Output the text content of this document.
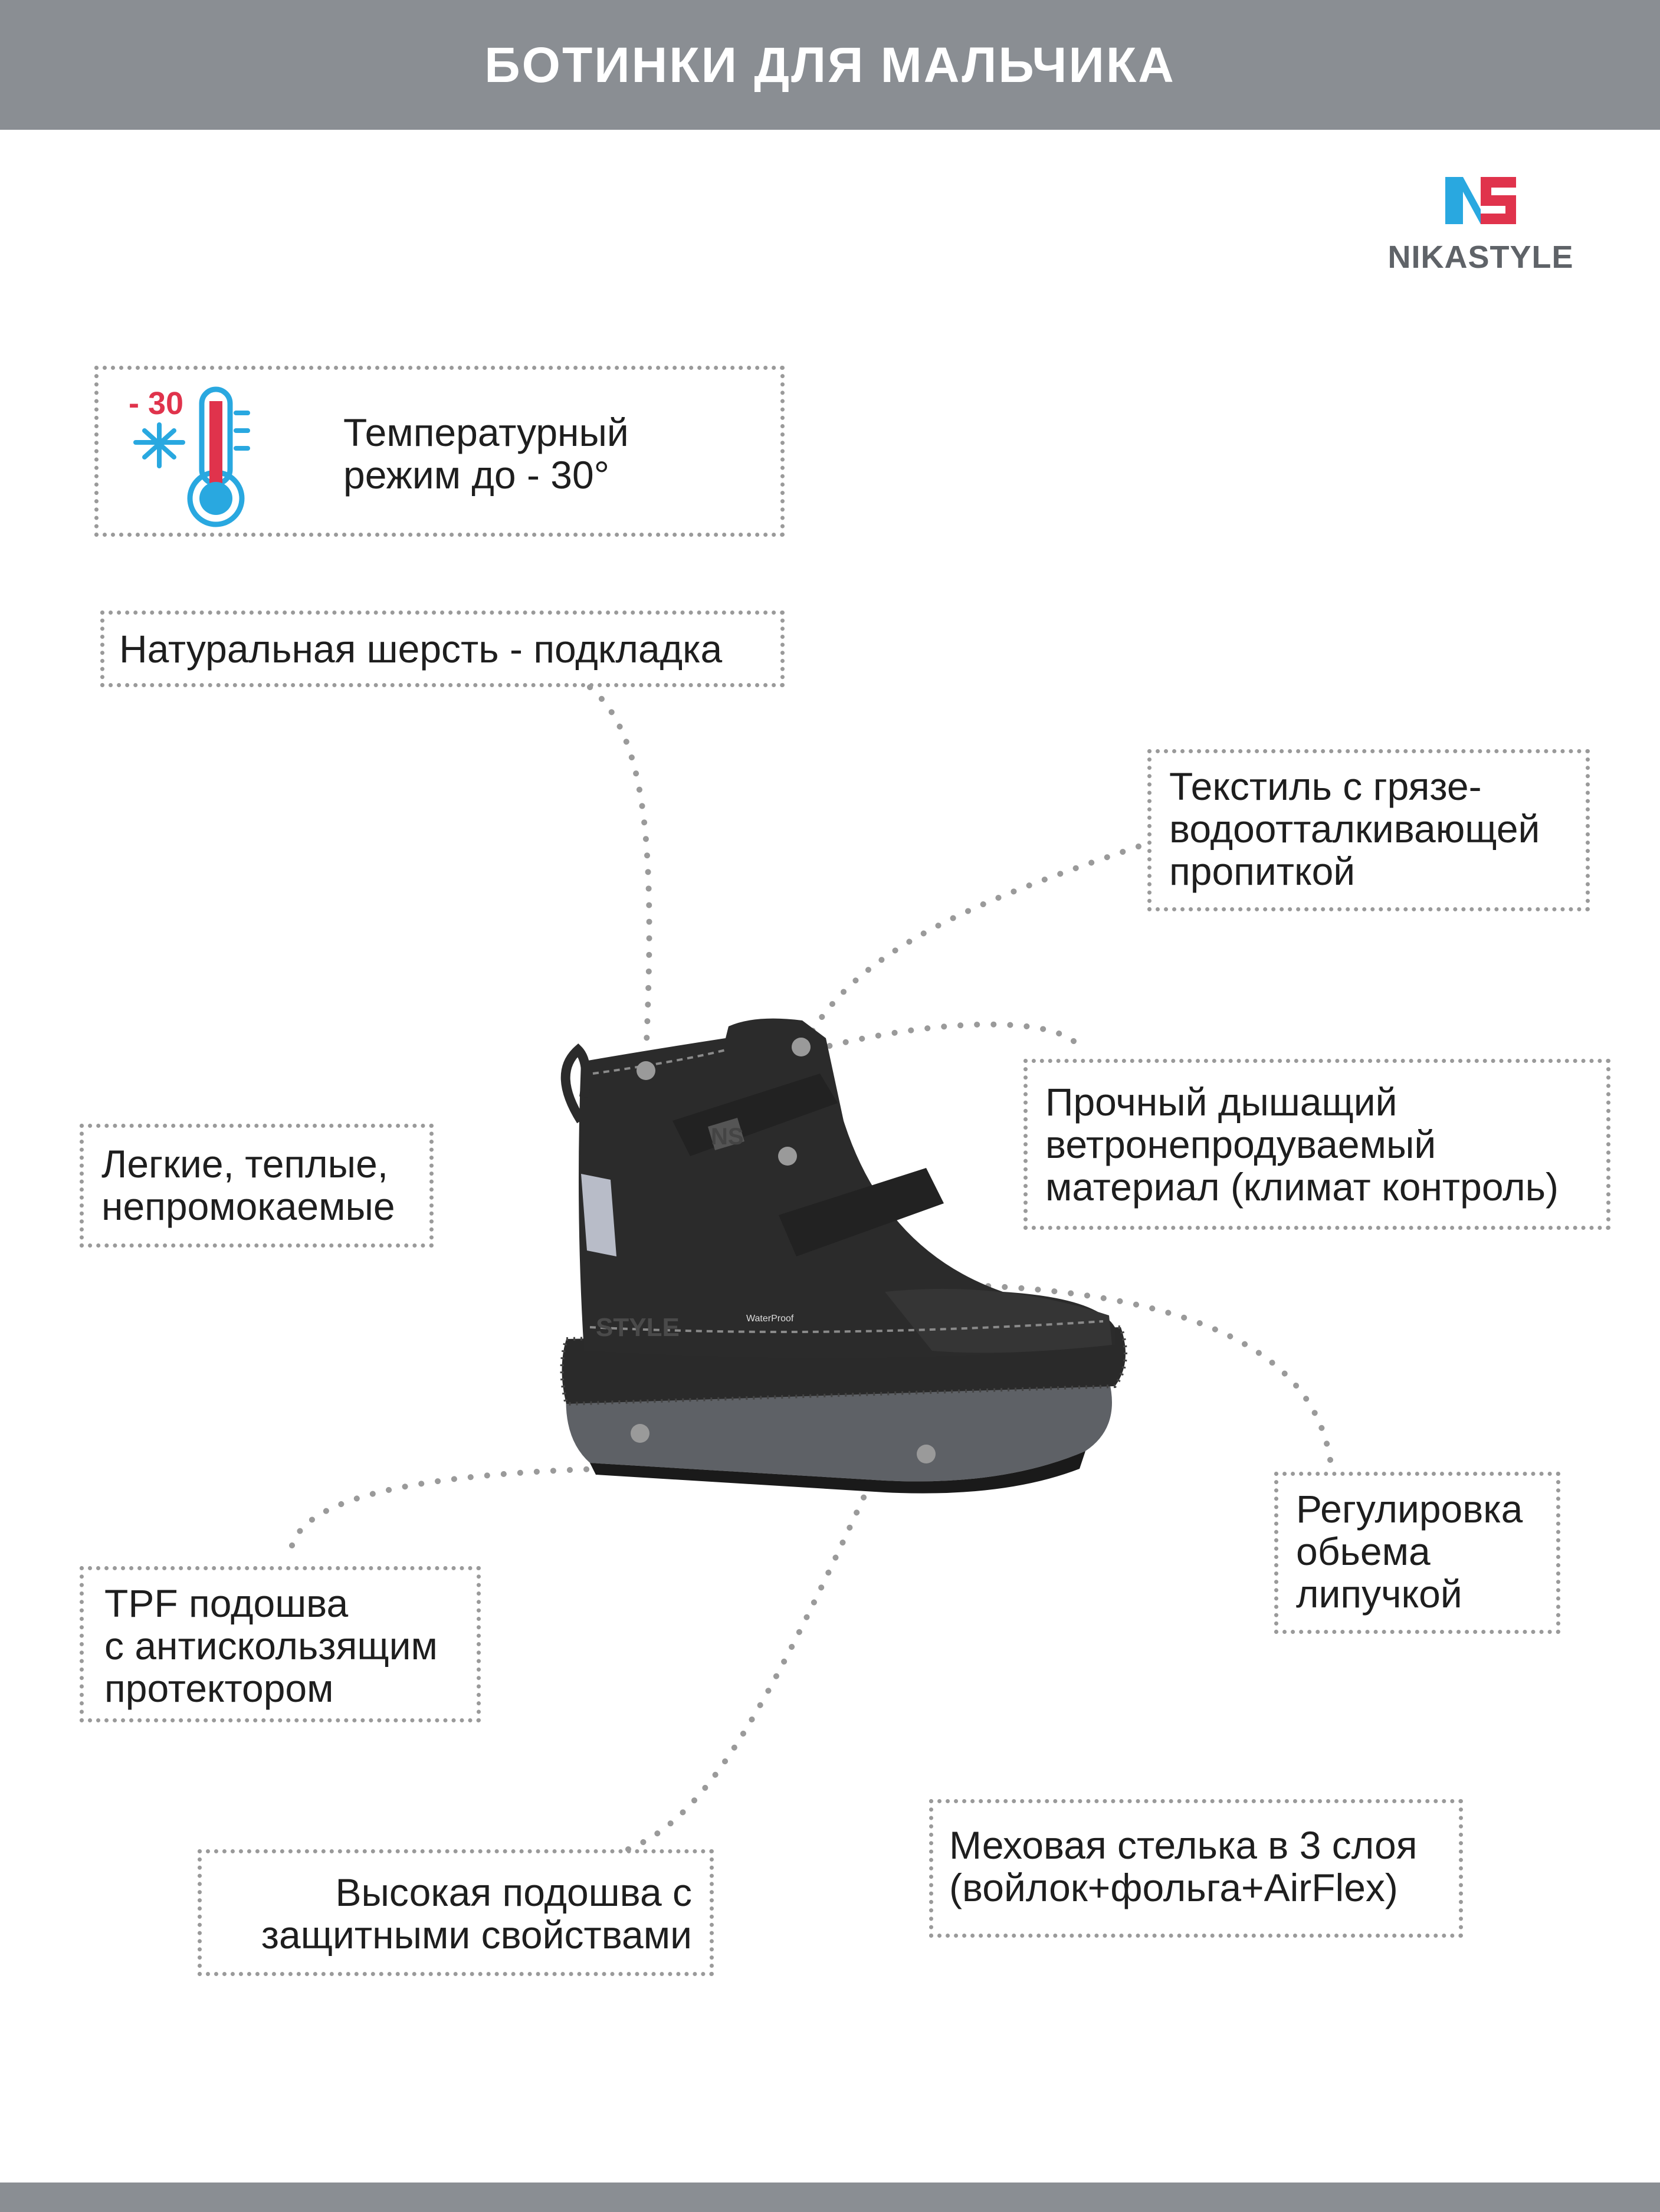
БОТИНКИ ДЛЯ МАЛЬЧИКА
NIKASTYLE
WaterProof
STYLE
NS
Температурный
режим до - 30°
- 30
Натуральная шерсть - подкладка
Текстиль с грязе-
водоотталкивающей
пропиткой
Прочный дышащий
ветронепродуваемый
материал (климат контроль)
Легкие, теплые,
непромокаемые
Регулировка
обьема
липучкой
TPF подошва
с антискользящим
протектором
Меховая стелька в 3 слоя
(войлок+фольга+AirFlex)
Высокая подошва с
защитными свойствами
